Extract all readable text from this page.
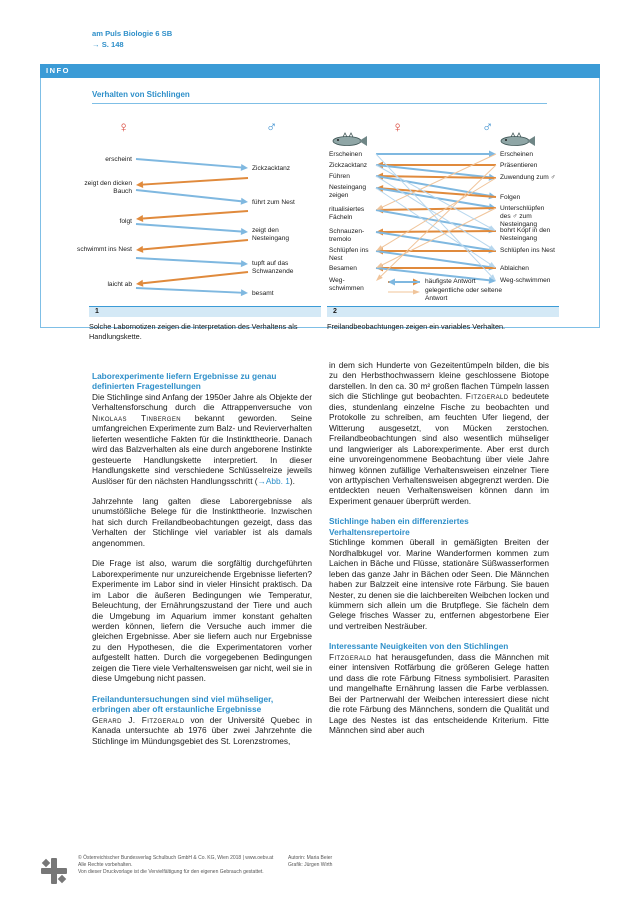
am Puls Biologie 6 SB
→ S. 148
INFO
Verhalten von Stichlingen
♀	♂
erscheint
zeigt den dicken Bauch
folgt
schwimmt ins Nest
laicht ab
Zickzacktanz
führt zum Nest
zeigt den Nesteingang
tupft auf das Schwanzende
besamt
1
Solche Labornotizen zeigen die Interpretation des Verhaltens als Handlungskette.
♀	♂
Erscheinen
Zickzacktanz
Führen
Nesteingang zeigen
ritualisiertes Fächeln
Schnauzen-tremolo
Schlüpfen ins Nest
Besamen
Weg-schwimmen
Erscheinen
Präsentieren
Zuwendung zum ♂
Folgen
Unterschlüpfen des ♂ zum Nesteingang
bohrt Kopf in den Nesteingang
Schlüpfen ins Nest
Ablaichen
Weg-schwimmen
häufigste Antwort
gelegentliche oder seltene Antwort
2
Freilandbeobachtungen zeigen ein variables Verhalten.
Laborexperimente liefern Ergebnisse zu genau definierten Fragestellungen

Die Stichlinge sind Anfang der 1950er Jahre als Objekte der Verhaltensforschung durch die Attrappenversuche von Nikolaas Tinbergen bekannt geworden. Seine umfangreichen Experimente zum Balz- und Revierverhalten lieferten wesentliche Fakten für die Instinkttheorie. Danach wird das Balzverhalten als eine durch angeborene Instinkte gesteuerte Handlungskette interpretiert. In dieser Handlungskette sind verschiedene Schlüsselreize jeweils Auslöser für den nächsten Handlungsschritt (→Abb. 1).

Jahrzehnte lang galten diese Laborergebnisse als unumstößliche Belege für die Instinkttheorie. Inzwischen hat sich durch Freilandbeobachtungen gezeigt, dass das Verhalten der Stichlinge viel variabler ist als damals angenommen.

Die Frage ist also, warum die sorgfältig durchgeführten Laborexperimente nur unzureichende Ergebnisse lieferten? Experimente im Labor sind in vieler Hinsicht praktisch. Da im Labor die äußeren Bedingungen wie Temperatur, Beleuchtung, der Ernährungszustand der Tiere und auch die Umgebung im Aquarium immer konstant gehalten werden können, liefern die Versuche auch immer die gleichen Ergebnisse. Aber sie liefern auch nur Ergebnisse zu den Hypothesen, die die Experimentatoren vorher aufgestellt hatten. Durch die vorgegebenen Bedingungen zeigen die Tiere viele Verhaltensweisen gar nicht, weil sie in diese Umgebung nicht passen.

Freilanduntersuchungen sind viel mühseliger, erbringen aber oft erstaunliche Ergebnisse

Gerard J. Fitzgerald von der Université Quebec in Kanada untersuchte ab 1976 über zwei Jahrzehnte die Stichlinge im Mündungsgebiet des St. Lorenzstromes,

in dem sich Hunderte von Gezeitentümpeln bilden, die bis zu den Herbsthochwassern kleine geschlossene Biotope darstellen. In den ca. 30 m² großen flachen Tümpeln lassen sich die Stichlinge gut beobachten. Fitzgerald bedeutete dies, stundenlang einzelne Fische zu beobachten und Protokolle zu schreiben, am feuchten Ufer liegend, der Witterung ausgesetzt, von Mücken zerstochen. Freilandbeobachtungen sind also wesentlich mühseliger und langwieriger als Laborexperimente. Aber erst durch eine unvoreingenommene Beobachtung über viele Jahre hinweg können zufällige Verhaltensweisen einzelner Tiere von arttypischen Verhaltensweisen abgegrenzt werden. Die entdeckten neuen Verhaltensweisen können dann im Experiment genauer überprüft werden.

Stichlinge haben ein differenziertes Verhaltensrepertoire

Stichlinge kommen überall in gemäßigten Breiten der Nordhalbkugel vor. Marine Wanderformen kommen zum Laichen in Bäche und Flüsse, stationäre Süßwasserformen leben das ganze Jahr in Bächen oder Seen. Die Männchen haben zur Balzzeit eine intensive rote Färbung. Sie bauen Nester, zu denen sie die laichbereiten Weibchen locken und kümmern sich allein um die Brutpflege. Sie fächeln dem Gelege frisches Wasser zu, entfernen abgestorbene Eier und vertreiben Nesträuber.

Interessante Neuigkeiten von den Stichlingen

Fitzgerald hat herausgefunden, dass die Männchen mit einer intensiven Rotfärbung die größeren Gelege hatten und dass die rote Färbung Fitness symbolisiert. Parasiten und mangelhafte Ernährung lassen die Farbe verblassen. Bei der Partnerwahl der Weibchen interessiert diese nicht die rote Färbung des Männchens, sondern die Qualität und Lage des Nestes ist das entscheidende Kriterium. Fitte Männchen sind aber auch

© Österreichischer Bundesverlag Schulbuch GmbH & Co. KG, Wien 2018 | www.oebv.at
Alle Rechte vorbehalten.
Von dieser Druckvorlage ist die Vervielfältigung für den eigenen Gebrauch gestattet.
Autorin: Maria Beier
Grafik: Jürgen Wirth
